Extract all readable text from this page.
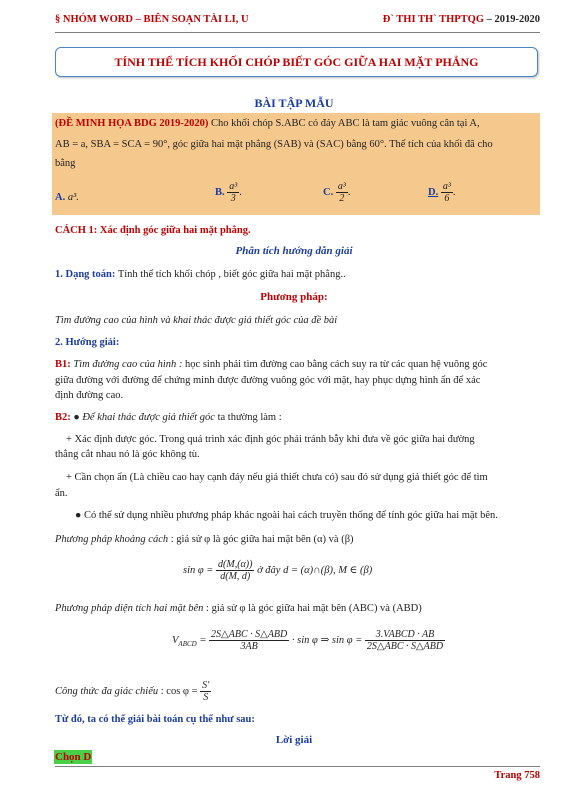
§ NHÓM WORD – BIÊN SOẠN TÀI LI, U	Đ` THI TH` THPTQG – 2019-2020
TÍNH THỂ TÍCH KHỐI CHÓP BIẾT GÓC GIỮA HAI MẶT PHẲNG
BÀI TẬP MẪU
(ĐỀ MINH HỌA BDG 2019-2020) Cho khối chóp S.ABC có đáy ABC là tam giác vuông cân tại A,
AB = a, SBA = SCA = 90°, góc giữa hai mặt phẳng (SAB) và (SAC) bằng 60°. Thể tích của khối đã cho
bằng
A. a³.	B. $\frac{\text{a³}}{3}$ .	C. $\frac{\text{a³}}{2}$ .	D. $\frac{\text{a³}}{6}$ .
CÁCH 1: Xác định góc giữa hai mặt phẳng.
Phân tích hướng dẫn giải
1. Dạng toán: Tính thể tích khối chóp , biết góc giữa hai mặt phẳng..
Phương pháp:
Tìm đường cao của hình và khai thác được giả thiết góc của đề bài
2. Hướng giải:
B1: Tìm đường cao của hình : học sinh phải tìm đường cao bằng cách suy ra từ các quan hệ vuông góc
giữa đường với đường để chứng minh được đường vuông góc với mặt, hay phục dựng hình ẩn để xác
định đường cao.
B2: ● Để khai thác được giả thiết góc ta thường làm :
+ Xác định được góc. Trong quá trình xác định góc phải tránh bẫy khi đưa về góc giữa hai đường
thẳng cắt nhau nó là góc không tù.
+ Cần chọn ẩn (Là chiều cao hay cạnh đáy nếu giả thiết chưa có) sau đó sử dụng giả thiết góc để tìm
ẩn.
● Có thể sử dụng nhiều phương pháp khác ngoài hai cách truyền thống để tính góc giữa hai mặt bên.
Phương pháp khoảng cách : giả sử φ là góc giữa hai mặt bên (α) và (β)
$\sin \varphi = \frac{d(M,(\alpha))}{d(M, d)}$ ở đây d = (α)∩(β), M ∈ (β)
Phương pháp diện tích hai mặt bên : giả sử φ là góc giữa hai mặt bên (ABC) và (ABD)
$V_{ABCD} = \frac{\text{2S△ABC · S△ABD}}{3AB} \cdot \sin \varphi$ ⇒ $\sin \varphi = \frac{\text{3.VABCD · AB}}{\text{2S△ABC · S△ABD}}$
Công thức đa giác chiếu : $\cos \varphi = \frac{S'}{S}$
Từ đó, ta có thể giải bài toán cụ thể như sau:
Lời giải
Chọn D
Trang 758
